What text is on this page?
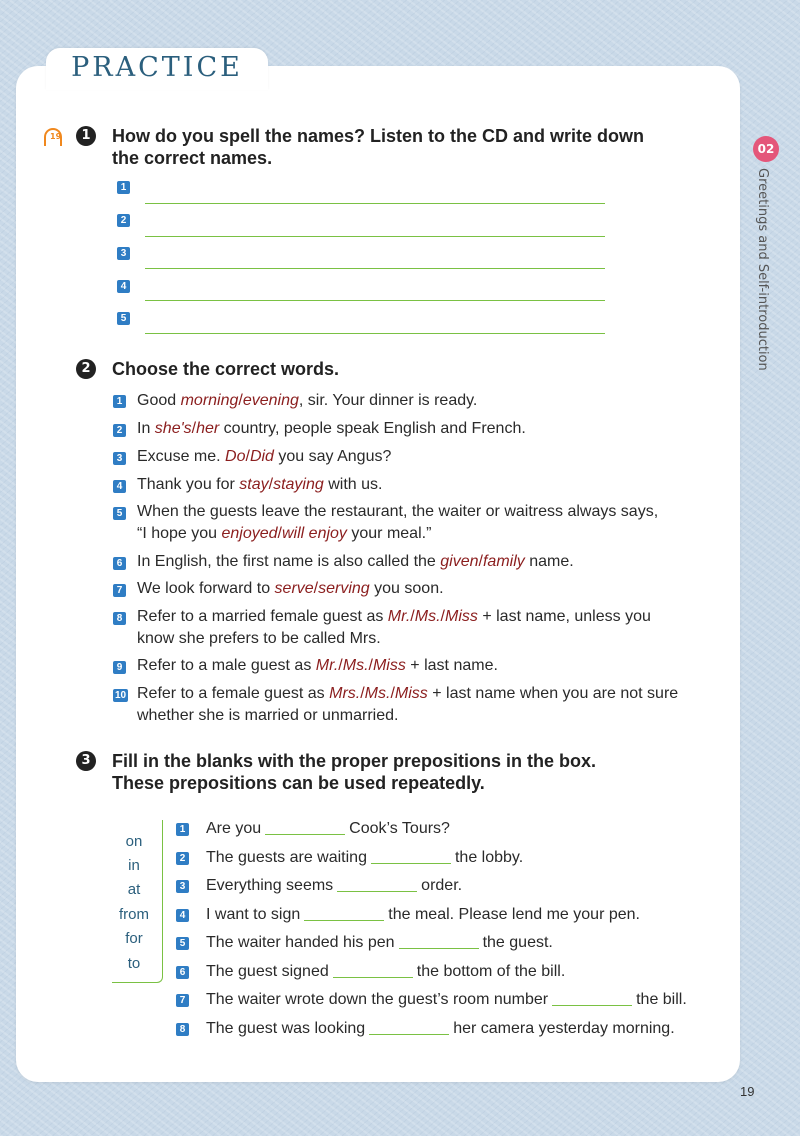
PRACTICE
02
Greetings and Self-introduction
19	1	How do you spell the names? Listen to the CD and write down
the correct names.
1
2
3
4
5
2	Choose the correct words.
1 Good morning/evening, sir. Your dinner is ready.
2 In she's/her country, people speak English and French.
3 Excuse me. Do/Did you say Angus?
4 Thank you for stay/staying with us.
5 When the guests leave the restaurant, the waiter or waitress always says,
“I hope you enjoyed/will enjoy your meal.”
6 In English, the first name is also called the given/family name.
7 We look forward to serve/serving you soon.
8 Refer to a married female guest as Mr./Ms./Miss + last name, unless you
know she prefers to be called Mrs.
9 Refer to a male guest as Mr./Ms./Miss + last name.
10 Refer to a female guest as Mrs./Ms./Miss + last name when you are not sure
whether she is married or unmarried.
3	Fill in the blanks with the proper prepositions in the box.
These prepositions can be used repeatedly.
on
in
at
from
for
to
1 Are you	Cook’s Tours?
2 The guests are waiting	the lobby.
3 Everything seems	order.
4 I want to sign	the meal. Please lend me your pen.
5 The waiter handed his pen	the guest.
6 The guest signed	the bottom of the bill.
7 The waiter wrote down the guest’s room number	the bill.
8 The guest was looking	her camera yesterday morning.
19
